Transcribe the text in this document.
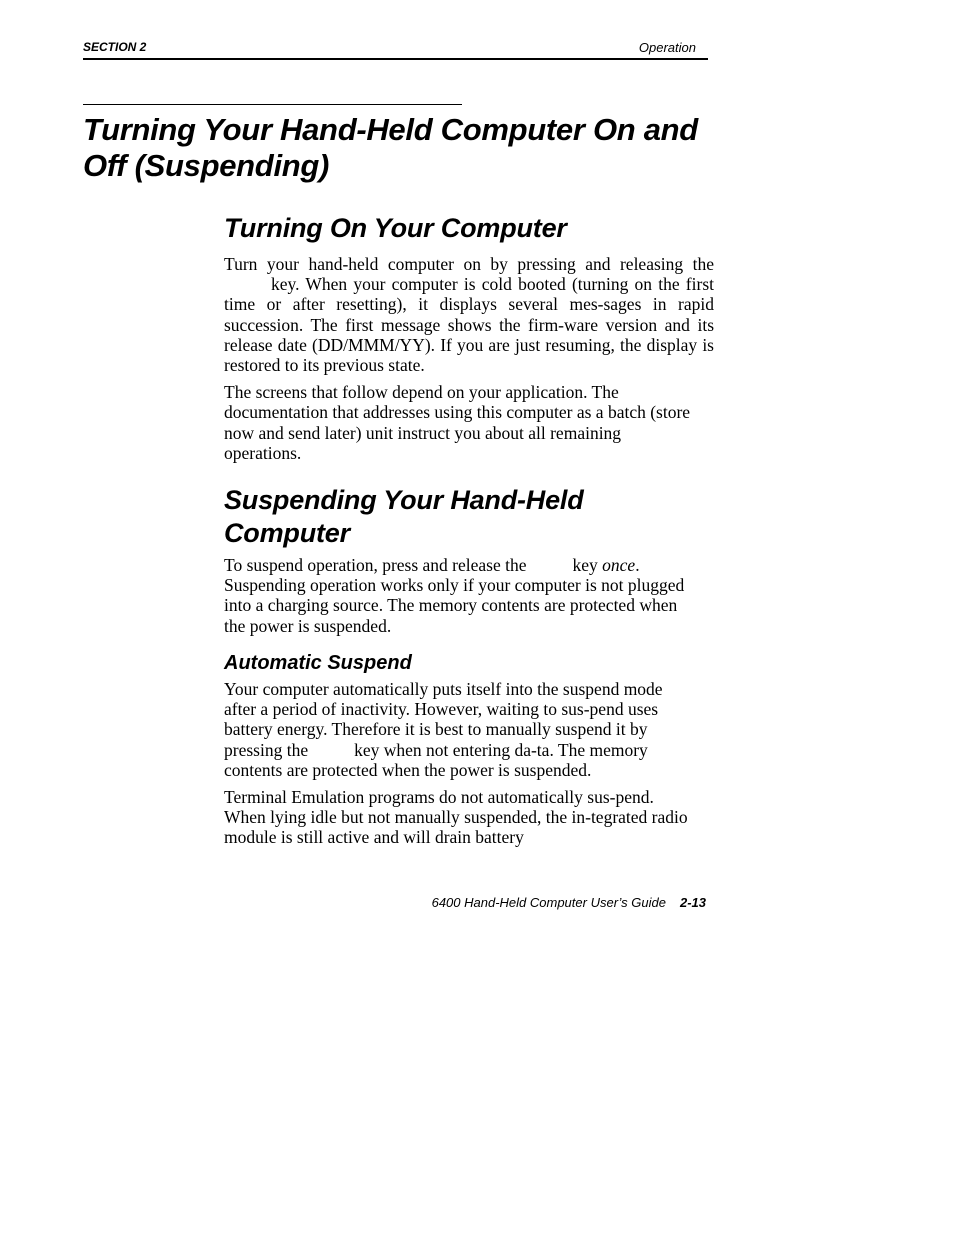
SECTION 2	Operation
Turning Your Hand-Held Computer On and Off (Suspending)
Turning On Your Computer

Turn your hand-held computer on by pressing and releasing thekey. When your computer is cold booted (turning on the first time or after resetting), it displays several mes-sages in rapid succession. The first message shows the firm-ware version and its release date (DD/MMM/YY). If you are just resuming, the display is restored to its previous state.

The screens that follow depend on your application. The documentation that addresses using this computer as a batch (store now and send later) unit instruct you about all remaining operations.

Suspending Your Hand-Held Computer

To suspend operation, press and release the	key once. Suspending operation works only if your computer is not plugged into a charging source. The memory contents are protected when the power is suspended.

Automatic Suspend

Your computer automatically puts itself into the suspend mode after a period of inactivity. However, waiting to sus-pend uses battery energy. Therefore it is best to manually suspend it by pressing the	key when not entering da-ta. The memory contents are protected when the power is suspended.

Terminal Emulation programs do not automatically sus-pend. When lying idle but not manually suspended, the in-tegrated radio module is still active and will drain battery

6400 Hand-Held Computer User’s Guide 2-13
